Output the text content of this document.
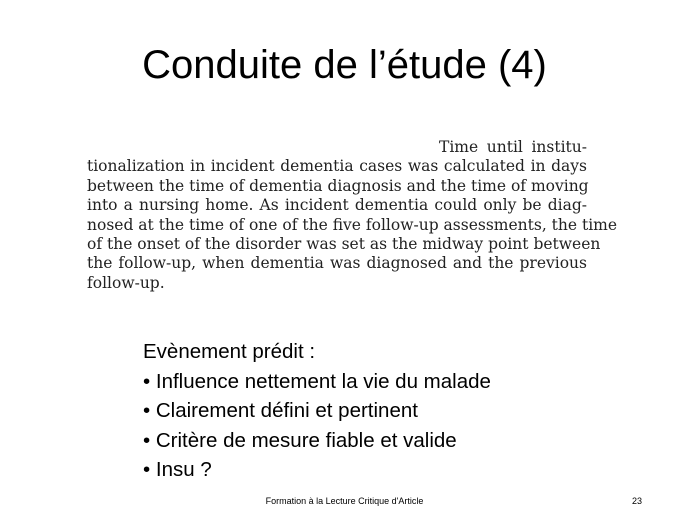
Conduite de l’étude (4)
Time until institu-
tionalization in incident dementia cases was calculated in days
between the time of dementia diagnosis and the time of moving
into a nursing home. As incident dementia could only be diag-
nosed at the time of one of the five follow-up assessments, the time
of the onset of the disorder was set as the midway point between
the follow-up, when dementia was diagnosed and the previous
follow-up.
Evènement prédit :
• Influence nettement la vie du malade
• Clairement défini et pertinent
• Critère de mesure fiable et valide
• Insu ?
Formation à la Lecture Critique d'Article	23
